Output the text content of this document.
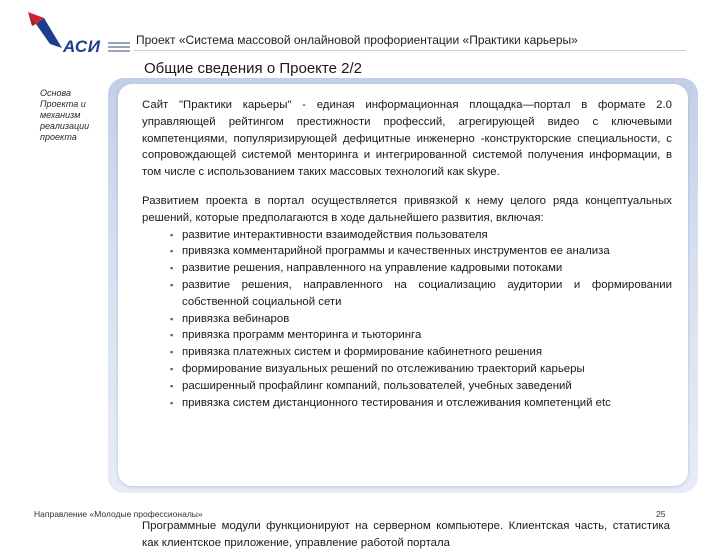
АСИ	Проект «Система массовой онлайновой профориентации «Практики карьеры»
Общие сведения о Проекте 2/2
Основа
Проекта и
механизм
реализации
проекта

Сайт "Практики карьеры" - единая информационная площадка—портал в формате 2.0 управляющей рейтингом престижности профессий, агрегирующей видео с ключевыми компетенциями, популяризирующей дефицитные инженерно -конструкторские специальности, с сопровождающей системой менторинга и интегрированной системой получения информации, в том числе с использованием таких массовых технологий как skype.

Развитием проекта в портал осуществляется привязкой к нему целого ряда концептуальных решений, которые предполагаются в ходе дальнейшего развития, включая:

▪ развитие интерактивности взаимодействия пользователя
▪ привязка комментарийной программы и качественных инструментов ее анализа
▪ развитие решения, направленного на управление кадровыми потоками
▪ развитие решения, направленного на социализацию аудитории и формировании собственной социальной сети
▪ привязка вебинаров
▪ привязка программ менторинга и тьюторинга
▪ привязка платежных систем и формирование кабинетного решения
▪ формирование визуальных решений по отслеживанию траекторий карьеры
▪ расширенный профайлинг компаний, пользователей, учебных заведений
▪ привязка систем дистанционного тестирования и отслеживания компетенций etc
Направление «Молодые профессионалы»	25
Программные модули функционируют на серверном компьютере. Клиентская часть, статистика как клиентское приложение, управление работой портала
